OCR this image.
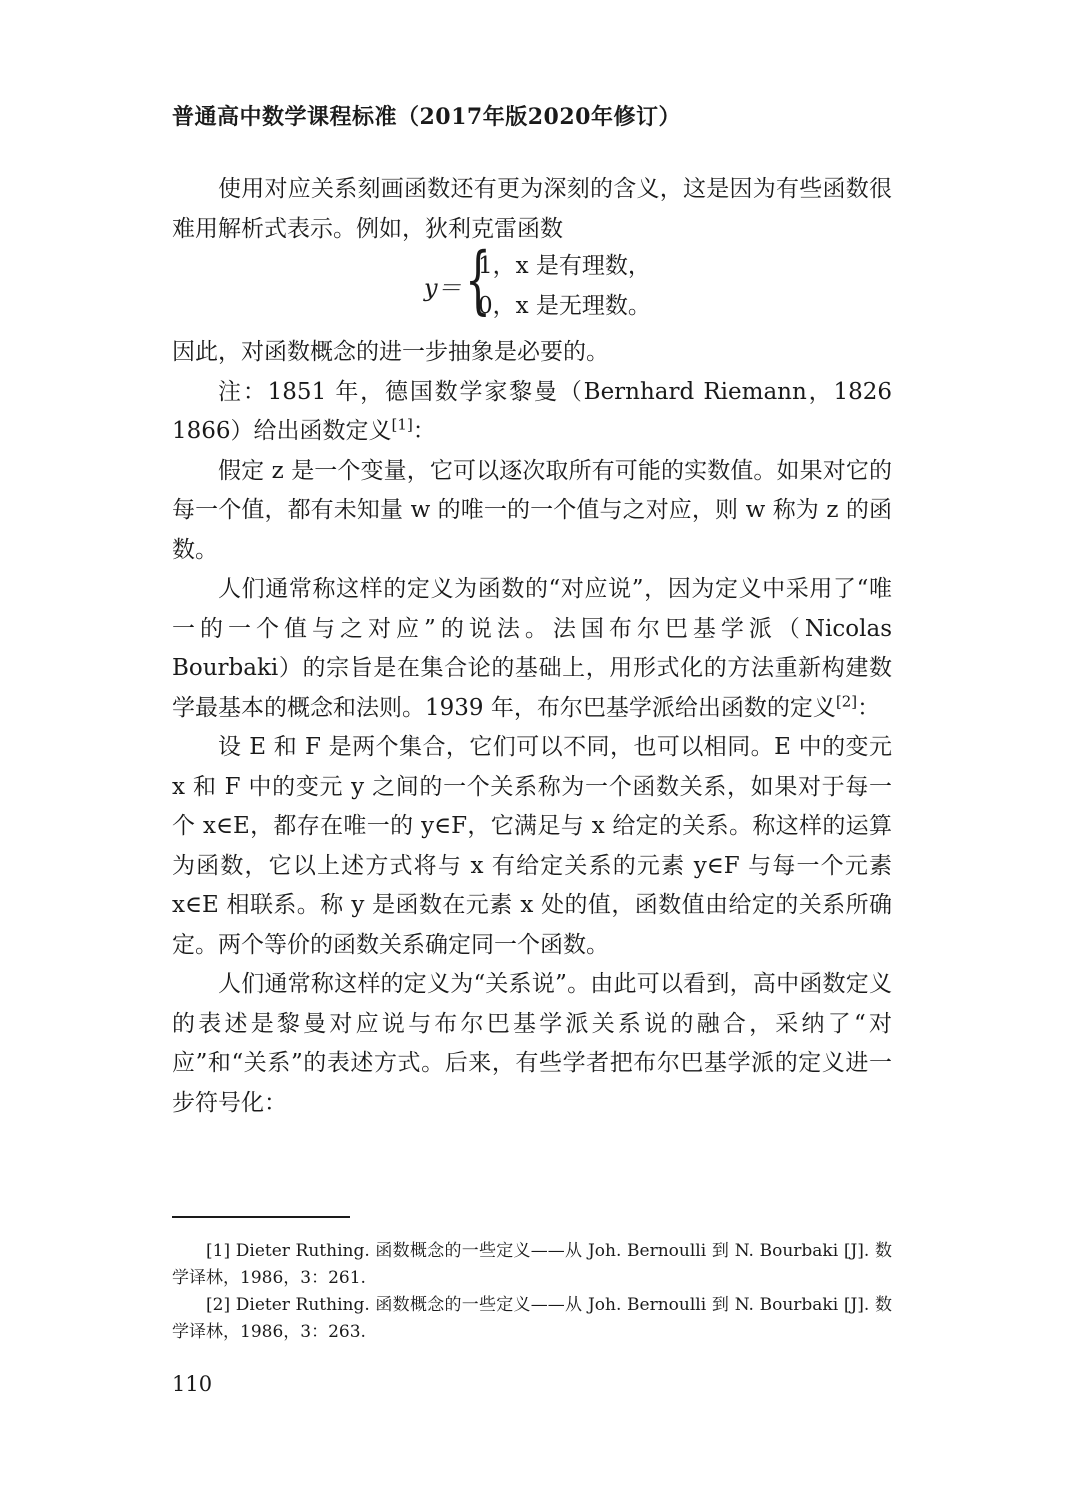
普通高中数学课程标准（2017年版2020年修订）

使用对应关系刻画函数还有更为深刻的含义，这是因为有些函数很难用解析式表示。例如，狄利克雷函数

y＝ {
1，x 是有理数，
0，x 是无理数。

因此，对函数概念的进一步抽象是必要的。

注：1851 年，德国数学家黎曼（Bernhard Riemann，1826 1866）给出函数定义[1]：

假定 z 是一个变量，它可以逐次取所有可能的实数值。如果对它的每一个值，都有未知量 w 的唯一的一个值与之对应，则 w 称为 z 的函数。

人们通常称这样的定义为函数的“对应说”，因为定义中采用了“唯一的一个值与之对应”的说法。法国布尔巴基学派（Nicolas Bourbaki）的宗旨是在集合论的基础上，用形式化的方法重新构建数学最基本的概念和法则。1939 年，布尔巴基学派给出函数的定义[2]：

设 E 和 F 是两个集合，它们可以不同，也可以相同。E 中的变元 x 和 F 中的变元 y 之间的一个关系称为一个函数关系，如果对于每一个 x∈E，都存在唯一的 y∈F，它满足与 x 给定的关系。称这样的运算为函数，它以上述方式将与 x 有给定关系的元素 y∈F 与每一个元素 x∈E 相联系。称 y 是函数在元素 x 处的值，函数值由给定的关系所确定。两个等价的函数关系确定同一个函数。

人们通常称这样的定义为“关系说”。由此可以看到，高中函数定义的表述是黎曼对应说与布尔巴基学派关系说的融合，采纳了“对应”和“关系”的表述方式。后来，有些学者把布尔巴基学派的定义进一步符号化：

[1] Dieter Ruthing. 函数概念的一些定义——从 Joh. Bernoulli 到 N. Bourbaki [J]. 数学译林，1986，3：261.

[2] Dieter Ruthing. 函数概念的一些定义——从 Joh. Bernoulli 到 N. Bourbaki [J]. 数学译林，1986，3：263.

110
